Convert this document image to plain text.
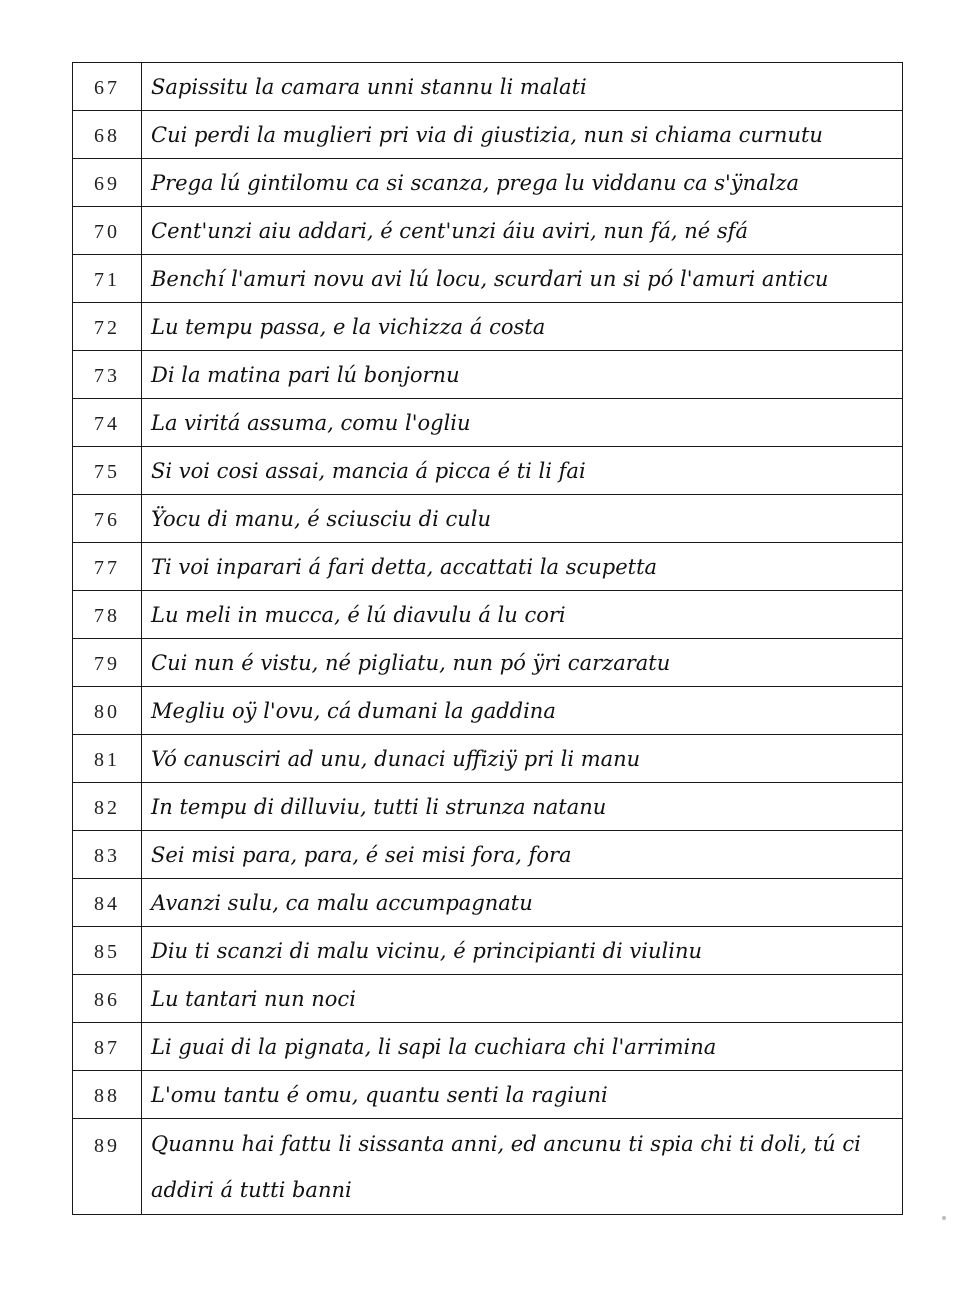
67	Sapissitu la camara unni stannu li malati
68	Cui perdi la muglieri pri via di giustizia, nun si chiama curnutu
69	Prega lú gintilomu ca si scanza, prega lu viddanu ca s'ÿnalza
70	Cent'unzi aiu addari, é cent'unzi áiu aviri, nun fá, né sfá
71	Benchí l'amuri novu avi lú locu, scurdari un si pó l'amuri anticu
72	Lu tempu passa, e la vichizza á costa
73	Di la matina pari lú bonjornu
74	La viritá assuma, comu l'ogliu
75	Si voi cosi assai, mancia á picca é ti li fai
76	Ÿocu di manu, é sciusciu di culu
77	Ti voi inparari á fari detta, accattati la scupetta
78	Lu meli in mucca, é lú diavulu á lu cori
79	Cui nun é vistu, né pigliatu, nun pó ÿri carzaratu
80	Megliu oÿ l'ovu, cá dumani la gaddina
81	Vó canusciri ad unu, dunaci uffiziÿ pri li manu
82	In tempu di dilluviu, tutti li strunza natanu
83	Sei misi para, para, é sei misi fora, fora
84	Avanzi sulu, ca malu accumpagnatu
85	Diu ti scanzi di malu vicinu, é principianti di viulinu
86	Lu tantari nun noci
87	Li guai di la pignata, li sapi la cuchiara chi l'arrimina
88	L'omu tantu é omu, quantu senti la ragiuni
89	Quannu hai fattu li sissanta anni, ed ancunu ti spia chi ti doli, tú ci addiri á tutti banni
